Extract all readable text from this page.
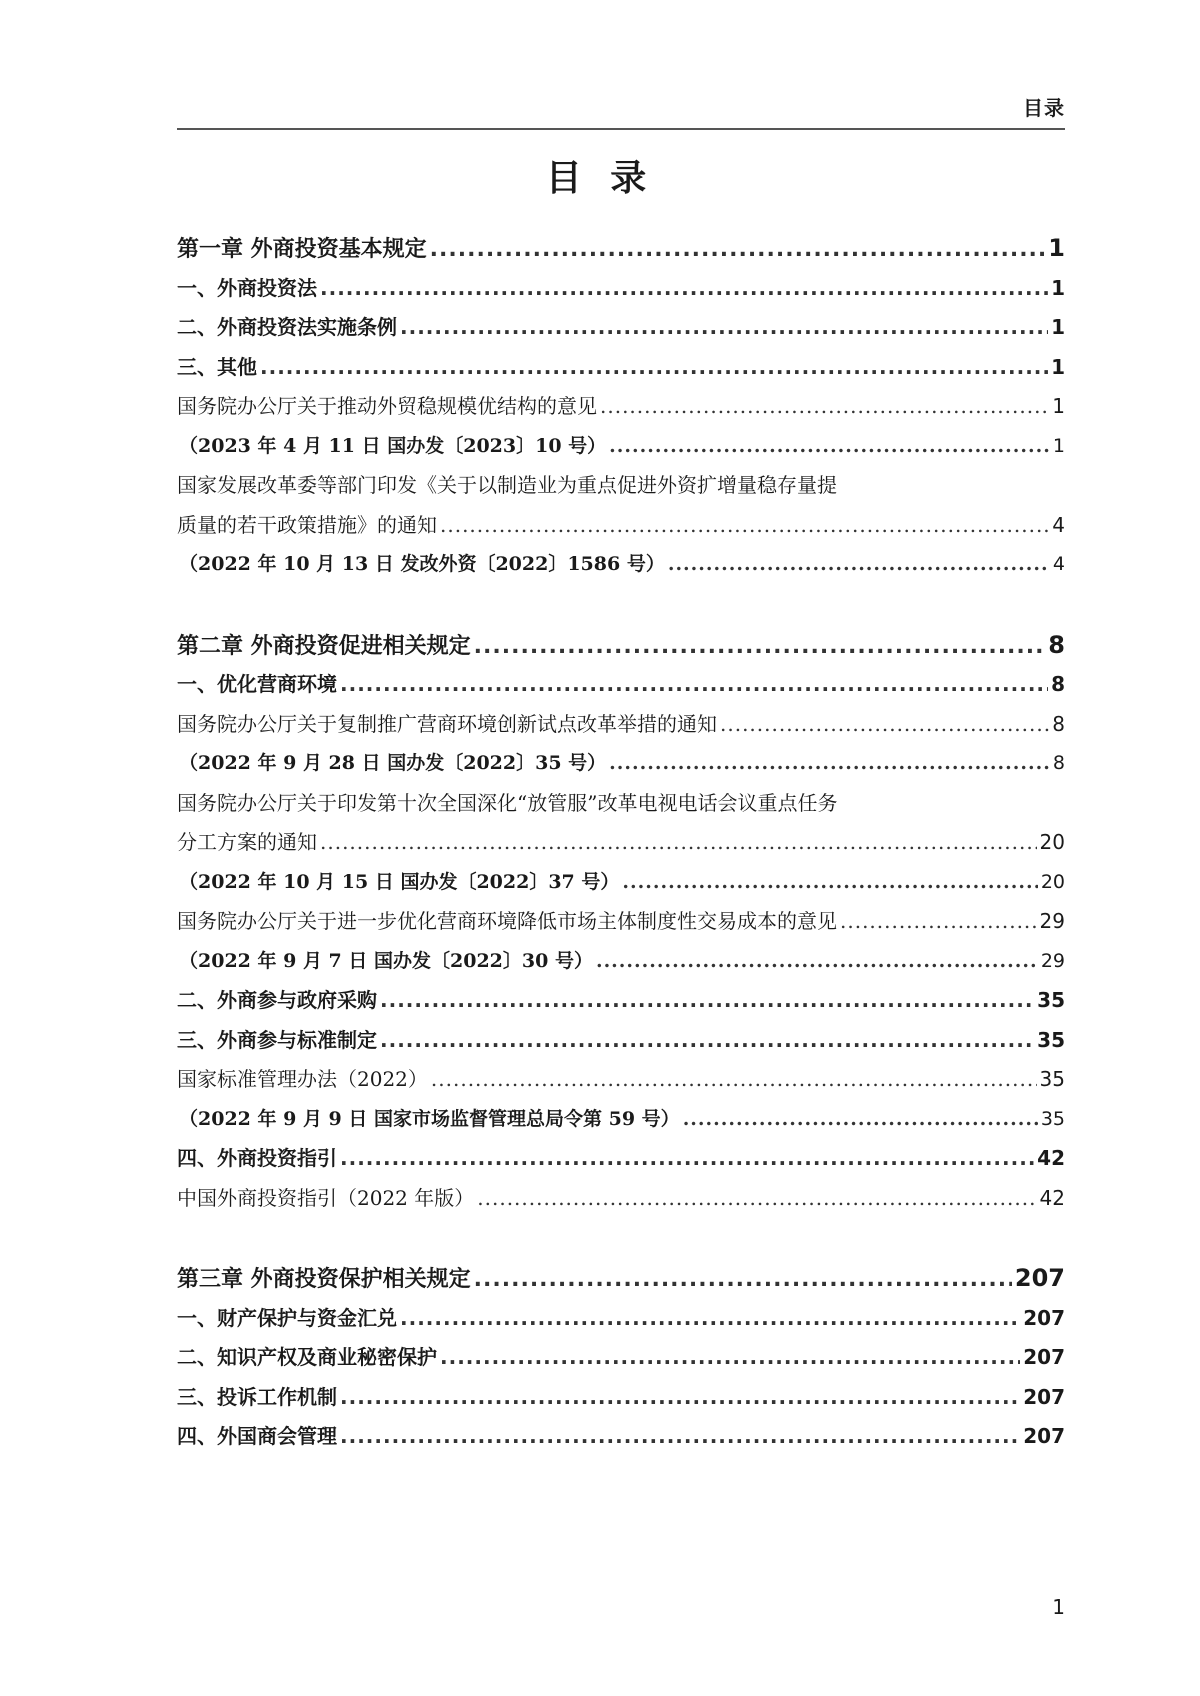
目录
目 录
第一章 外商投资基本规定 .....	1
一、外商投资法 .....	1
二、外商投资法实施条例 .....	1
三、其他 .....	1
国务院办公厅关于推动外贸稳规模优结构的意见 .....	1
（2023 年 4 月 11 日 国办发〔2023〕10 号） .....	1
国家发展改革委等部门印发《关于以制造业为重点促进外资扩增量稳存量提
质量的若干政策措施》的通知 .....	4
（2022 年 10 月 13 日 发改外资〔2022〕1586 号） .....	4
第二章 外商投资促进相关规定 .....	8
一、优化营商环境 .....	8
国务院办公厅关于复制推广营商环境创新试点改革举措的通知 .....	8
（2022 年 9 月 28 日 国办发〔2022〕35 号） .....	8
国务院办公厅关于印发第十次全国深化“放管服”改革电视电话会议重点任务
分工方案的通知 .....	20
（2022 年 10 月 15 日 国办发〔2022〕37 号） .....	20
国务院办公厅关于进一步优化营商环境降低市场主体制度性交易成本的意见 .....	29
（2022 年 9 月 7 日 国办发〔2022〕30 号） .....	29
二、外商参与政府采购 .....	35
三、外商参与标准制定 .....	35
国家标准管理办法（2022） .....	35
（2022 年 9 月 9 日 国家市场监督管理总局令第 59 号） .....	35
四、外商投资指引 .....	42
中国外商投资指引（2022 年版） .....	42
第三章 外商投资保护相关规定 .....	207
一、财产保护与资金汇兑 .....	207
二、知识产权及商业秘密保护 .....	207
三、投诉工作机制 .....	207
四、外国商会管理 .....	207
1
